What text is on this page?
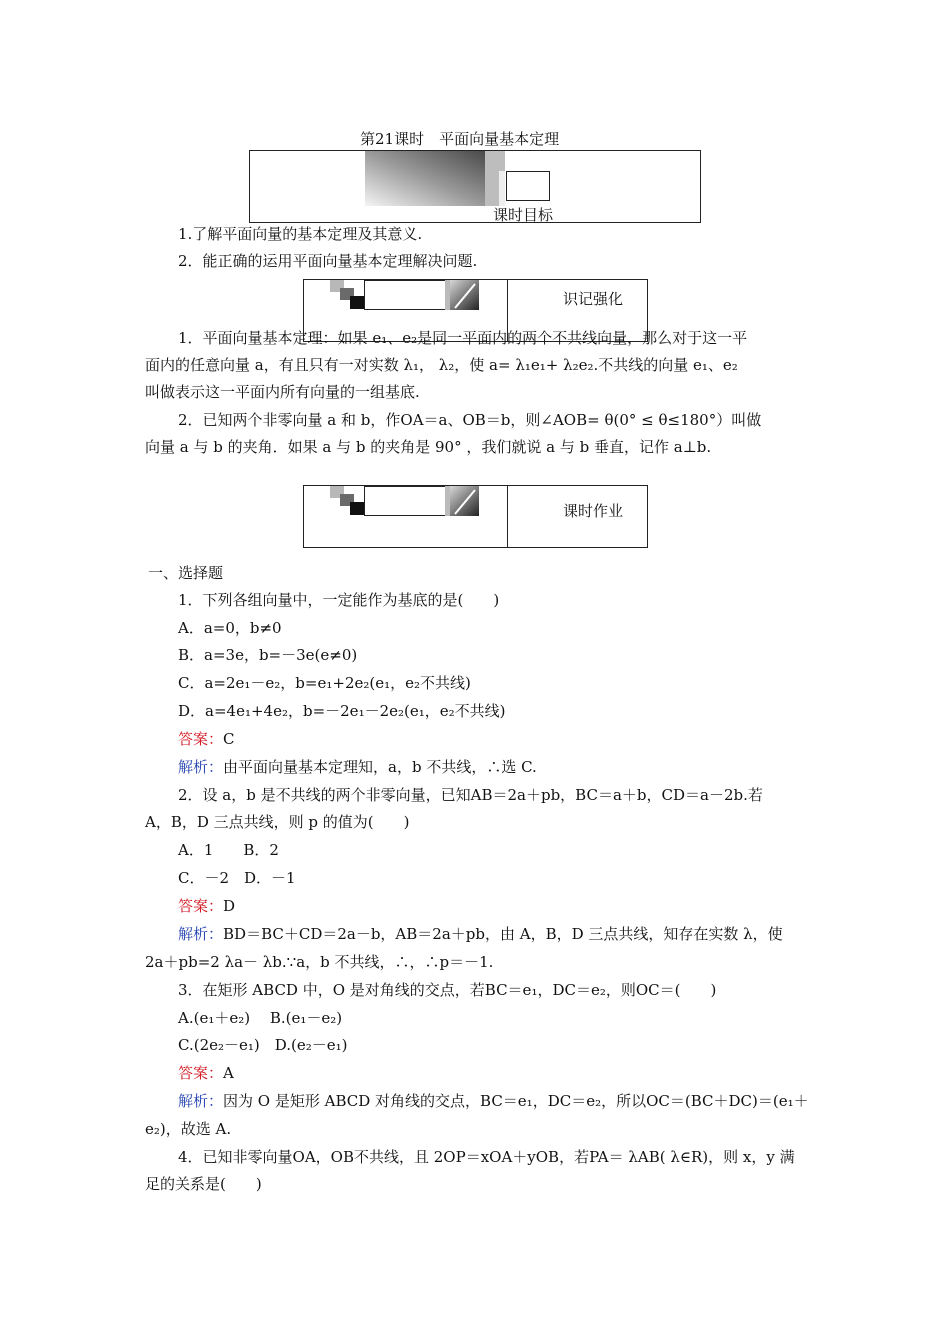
第21课时　平面向量基本定理
课时目标
1.了解平面向量的基本定理及其意义.
2．能正确的运用平面向量基本定理解决问题.
识记强化
1．平面向量基本定理：如果 e₁、e₂是同一平面内的两个不共线向量，那么对于这一平
面内的任意向量 a，有且只有一对实数 λ₁， λ₂，使 a= λ₁e₁+ λ₂e₂.不共线的向量 e₁、e₂
叫做表示这一平面内所有向量的一组基底.
2．已知两个非零向量 a 和 b，作OA＝a、OB＝b，则∠AOB= θ(0° ≤ θ≤180°）叫做
向量 a 与 b 的夹角．如果 a 与 b 的夹角是 90° ，我们就说 a 与 b 垂直，记作 a⊥b.
课时作业
一、选择题
1．下列各组向量中，一定能作为基底的是(　　)
A．a=0，b≠0
B．a=3e，b=－3e(e≠0)
C．a=2e₁－e₂，b=e₁+2e₂(e₁，e₂不共线)
D．a=4e₁+4e₂，b=－2e₁－2e₂(e₁，e₂不共线)
答案：C
解析：由平面向量基本定理知，a，b 不共线，∴选 C.
2．设 a，b 是不共线的两个非零向量，已知AB＝2a＋pb，BC＝a＋b，CD＝a－2b.若
A，B，D 三点共线，则 p 的值为(　　)
A．1　　B．2
C．－2　D．－1
答案：D
解析：BD＝BC＋CD＝2a－b，AB＝2a＋pb，由 A，B，D 三点共线，知存在实数 λ，使
2a＋pb=2 λa－ λb.∵a，b 不共线，∴，∴p＝－1.
3．在矩形 ABCD 中，O 是对角线的交点，若BC＝e₁，DC＝e₂，则OC＝(　　)
A.(e₁＋e₂)　 B.(e₁－e₂)
C.(2e₂－e₁)　D.(e₂－e₁)
答案：A
解析：因为 O 是矩形 ABCD 对角线的交点，BC＝e₁，DC＝e₂，所以OC＝(BC＋DC)＝(e₁＋
e₂)，故选 A.
4．已知非零向量OA，OB不共线，且 2OP＝xOA＋yOB，若PA＝ λAB( λ∈R)，则 x，y 满
足的关系是(　　)
